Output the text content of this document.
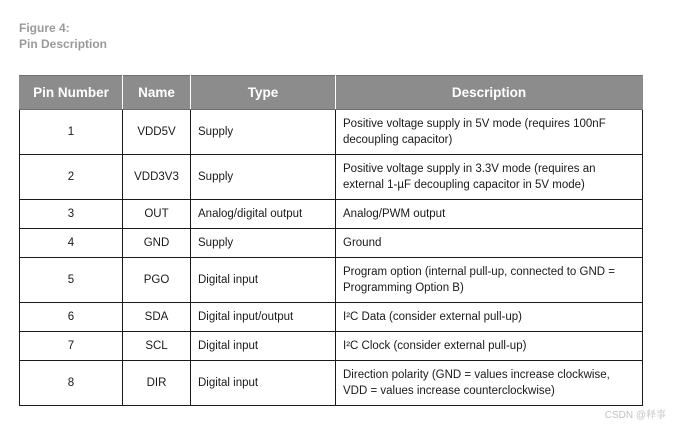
Figure 4:
Pin Description
Pin Number	Name	Type	Description
1	VDD5V	Supply	Positive voltage supply in 5V mode (requires 100nF decoupling capacitor)
2	VDD3V3	Supply	Positive voltage supply in 3.3V mode (requires an external 1-µF decoupling capacitor in 5V mode)
3	OUT	Analog/digital output	Analog/PWM output
4	GND	Supply	Ground
5	PGO	Digital input	Program option (internal pull-up, connected to GND = Programming Option B)
6	SDA	Digital input/output	I²C Data (consider external pull-up)
7	SCL	Digital input	I²C Clock (consider external pull-up)
8	DIR	Digital input	Direction polarity (GND = values increase clockwise, VDD = values increase counterclockwise)
CSDN @释事
